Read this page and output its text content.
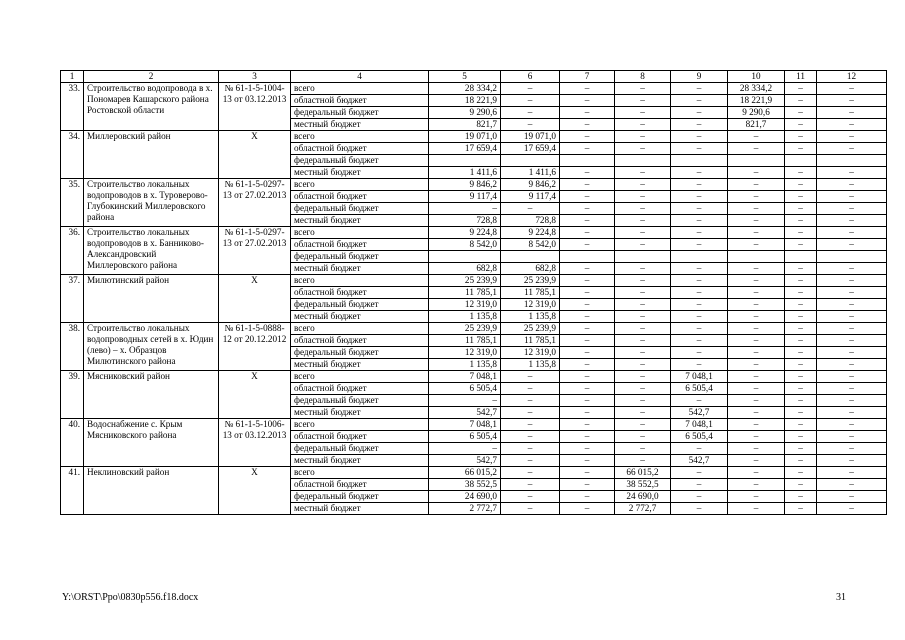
1	2	3	4	5	6	7	8	9	10	11	12
33.	Строительство водопровода в х. Пономарев Кашарского района Ростовской области	№ 61-1-5-1004-13 от 03.12.2013	всего	28 334,2	–	–	–	–	28 334,2	–	–
			областной бюджет	18 221,9	–	–	–	–	18 221,9	–	–
			федеральный бюджет	9 290,6	–	–	–	–	9 290,6	–	–
			местный бюджет	821,7	–	–	–	–	821,7	–	–
34.	Миллеровский район	X	всего	19 071,0	19 071,0	–	–	–	–	–	–
			областной бюджет	17 659,4	17 659,4	–	–	–	–	–	–
			федеральный бюджет								
			местный бюджет	1 411,6	1 411,6	–	–	–	–	–	–
35.	Строительство локальных водопроводов в х. Туроверово-Глубокинский Миллеровского района	№ 61-1-5-0297-13 от 27.02.2013	всего	9 846,2	9 846,2	–	–	–	–	–	–
			областной бюджет	9 117,4	9 117,4	–	–	–	–	–	–
			федеральный бюджет	–	–	–	–	–	–	–	–
			местный бюджет	728,8	728,8	–	–	–	–	–	–
36.	Строительство локальных водопроводов в х. Банниково-Александровский Миллеровского района	№ 61-1-5-0297-13 от 27.02.2013	всего	9 224,8	9 224,8	–	–	–	–	–	–
			областной бюджет	8 542,0	8 542,0	–	–	–	–	–	–
			федеральный бюджет								
			местный бюджет	682,8	682,8	–	–	–	–	–	–
37.	Милютинский район	X	всего	25 239,9	25 239,9	–	–	–	–	–	–
			областной бюджет	11 785,1	11 785,1	–	–	–	–	–	–
			федеральный бюджет	12 319,0	12 319,0	–	–	–	–	–	–
			местный бюджет	1 135,8	1 135,8	–	–	–	–	–	–
38.	Строительство локальных водопроводных сетей в х. Юдин (лево) – х. Образцов Милютинского района	№ 61-1-5-0888-12 от 20.12.2012	всего	25 239,9	25 239,9	–	–	–	–	–	–
			областной бюджет	11 785,1	11 785,1	–	–	–	–	–	–
			федеральный бюджет	12 319,0	12 319,0	–	–	–	–	–	–
			местный бюджет	1 135,8	1 135,8	–	–	–	–	–	–
39.	Мясниковский район	X	всего	7 048,1	–	–	–	7 048,1	–	–	–
			областной бюджет	6 505,4	–	–	–	6 505,4	–	–	–
			федеральный бюджет	–	–	–	–	–	–	–	–
			местный бюджет	542,7	–	–	–	542,7	–	–	–
40.	Водоснабжение с. Крым Мясниковского района	№ 61-1-5-1006-13 от 03.12.2013	всего	7 048,1	–	–	–	7 048,1	–	–	–
			областной бюджет	6 505,4	–	–	–	6 505,4	–	–	–
			федеральный бюджет	–	–	–	–	–	–	–	–
			местный бюджет	542,7	–	–	–	542,7	–	–	–
41.	Неклиновский район	X	всего	66 015,2	–	–	66 015,2	–	–	–	–
			областной бюджет	38 552,5	–	–	38 552,5	–	–	–	–
			федеральный бюджет	24 690,0	–	–	24 690,0	–	–	–	–
			местный бюджет	2 772,7	–	–	2 772,7	–	–	–	–
Y:\ORST\Ppo\0830p556.f18.docx	31
